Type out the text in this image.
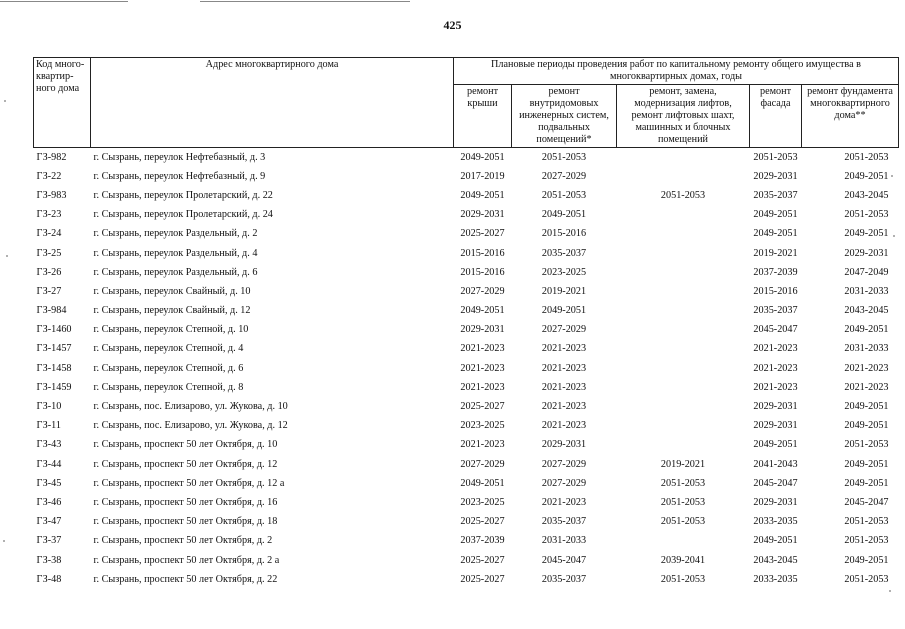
425
Код много-квартир-ного дома	Адрес многоквартирного дома	Плановые периоды проведения работ по капитальному ремонту общего имущества в многоквартирных домах, годы				
		ремонт крыши	ремонт внутридомовых инженерных систем, подвальных помещений*	ремонт, замена, модернизация лифтов, ремонт лифтовых шахт, машинных и блочных помещений	ремонт фасада	ремонт фундамента многоквартирного дома**
ГЗ-982	г. Сызрань, переулок Нефтебазный, д. 3	2049-2051	2051-2053		2051-2053	2051-2053
ГЗ-22	г. Сызрань, переулок Нефтебазный, д. 9	2017-2019	2027-2029		2029-2031	2049-2051
ГЗ-983	г. Сызрань, переулок Пролетарский, д. 22	2049-2051	2051-2053	2051-2053	2035-2037	2043-2045
ГЗ-23	г. Сызрань, переулок Пролетарский, д. 24	2029-2031	2049-2051		2049-2051	2051-2053
ГЗ-24	г. Сызрань, переулок Раздельный, д. 2	2025-2027	2015-2016		2049-2051	2049-2051
ГЗ-25	г. Сызрань, переулок Раздельный, д. 4	2015-2016	2035-2037		2019-2021	2029-2031
ГЗ-26	г. Сызрань, переулок Раздельный, д. 6	2015-2016	2023-2025		2037-2039	2047-2049
ГЗ-27	г. Сызрань, переулок Свайный, д. 10	2027-2029	2019-2021		2015-2016	2031-2033
ГЗ-984	г. Сызрань, переулок Свайный, д. 12	2049-2051	2049-2051		2035-2037	2043-2045
ГЗ-1460	г. Сызрань, переулок Степной, д. 10	2029-2031	2027-2029		2045-2047	2049-2051
ГЗ-1457	г. Сызрань, переулок Степной, д. 4	2021-2023	2021-2023		2021-2023	2031-2033
ГЗ-1458	г. Сызрань, переулок Степной, д. 6	2021-2023	2021-2023		2021-2023	2021-2023
ГЗ-1459	г. Сызрань, переулок Степной, д. 8	2021-2023	2021-2023		2021-2023	2021-2023
ГЗ-10	г. Сызрань, пос. Елизарово, ул. Жукова, д. 10	2025-2027	2021-2023		2029-2031	2049-2051
ГЗ-11	г. Сызрань, пос. Елизарово, ул. Жукова, д. 12	2023-2025	2021-2023		2029-2031	2049-2051
ГЗ-43	г. Сызрань, проспект 50 лет Октября, д. 10	2021-2023	2029-2031		2049-2051	2051-2053
ГЗ-44	г. Сызрань, проспект 50 лет Октября, д. 12	2027-2029	2027-2029	2019-2021	2041-2043	2049-2051
ГЗ-45	г. Сызрань, проспект 50 лет Октября, д. 12 а	2049-2051	2027-2029	2051-2053	2045-2047	2049-2051
ГЗ-46	г. Сызрань, проспект 50 лет Октября, д. 16	2023-2025	2021-2023	2051-2053	2029-2031	2045-2047
ГЗ-47	г. Сызрань, проспект 50 лет Октября, д. 18	2025-2027	2035-2037	2051-2053	2033-2035	2051-2053
ГЗ-37	г. Сызрань, проспект 50 лет Октября, д. 2	2037-2039	2031-2033		2049-2051	2051-2053
ГЗ-38	г. Сызрань, проспект 50 лет Октября, д. 2 а	2025-2027	2045-2047	2039-2041	2043-2045	2049-2051
ГЗ-48	г. Сызрань, проспект 50 лет Октября, д. 22	2025-2027	2035-2037	2051-2053	2033-2035	2051-2053
